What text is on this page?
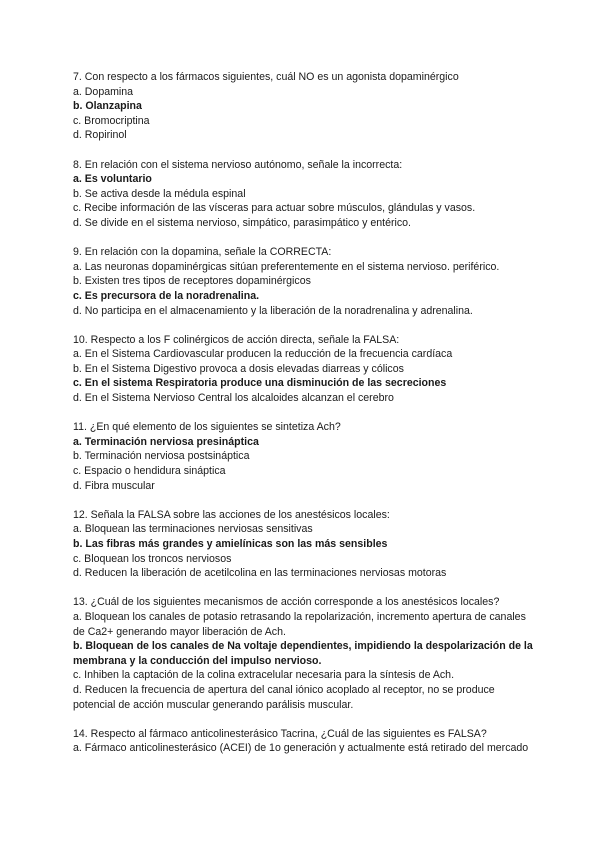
7. Con respecto a los fármacos siguientes, cuál NO es un agonista dopaminérgico
a. Dopamina
b. Olanzapina
c. Bromocriptina
d. Ropirinol
8. En relación con el sistema nervioso autónomo, señale la incorrecta:
a. Es voluntario
b. Se activa desde la médula espinal
c. Recibe información de las vísceras para actuar sobre músculos, glándulas y vasos.
d. Se divide en el sistema nervioso, simpático, parasimpático y entérico.
9. En relación con la dopamina, señale la CORRECTA:
a. Las neuronas dopaminérgicas sitúan preferentemente en el sistema nervioso. periférico.
b. Existen tres tipos de receptores dopaminérgicos
c. Es precursora de la noradrenalina.
d. No participa en el almacenamiento y la liberación de la noradrenalina y adrenalina.
10. Respecto a los F colinérgicos de acción directa, señale la FALSA:
a. En el Sistema Cardiovascular producen la reducción de la frecuencia cardíaca
b. En el Sistema Digestivo provoca a dosis elevadas diarreas y cólicos
c. En el sistema Respiratoria produce una disminución de las secreciones
d. En el Sistema Nervioso Central los alcaloides alcanzan el cerebro
11. ¿En qué elemento de los siguientes se sintetiza Ach?
a. Terminación nerviosa presináptica
b. Terminación nerviosa postsináptica
c. Espacio o hendidura sináptica
d. Fibra muscular
12. Señala la FALSA sobre las acciones de los anestésicos locales:
a. Bloquean las terminaciones nerviosas sensitivas
b. Las fibras más grandes y amielínicas son las más sensibles
c. Bloquean los troncos nerviosos
d. Reducen la liberación de acetilcolina en las terminaciones nerviosas motoras
13. ¿Cuál de los siguientes mecanismos de acción corresponde a los anestésicos locales?
a. Bloquean los canales de potasio retrasando la repolarización, incremento apertura de canales de Ca2+ generando mayor liberación de Ach.
b. Bloquean de los canales de Na voltaje dependientes, impidiendo la despolarización de la membrana y la conducción del impulso nervioso.
c. Inhiben la captación de la colina extracelular necesaria para la síntesis de Ach.
d. Reducen la frecuencia de apertura del canal iónico acoplado al receptor, no se produce potencial de acción muscular generando parálisis muscular.
14. Respecto al fármaco anticolinesterásico Tacrina, ¿Cuál de las siguientes es FALSA?
a. Fármaco anticolinesterásico (ACEI) de 1o generación y actualmente está retirado del mercado
